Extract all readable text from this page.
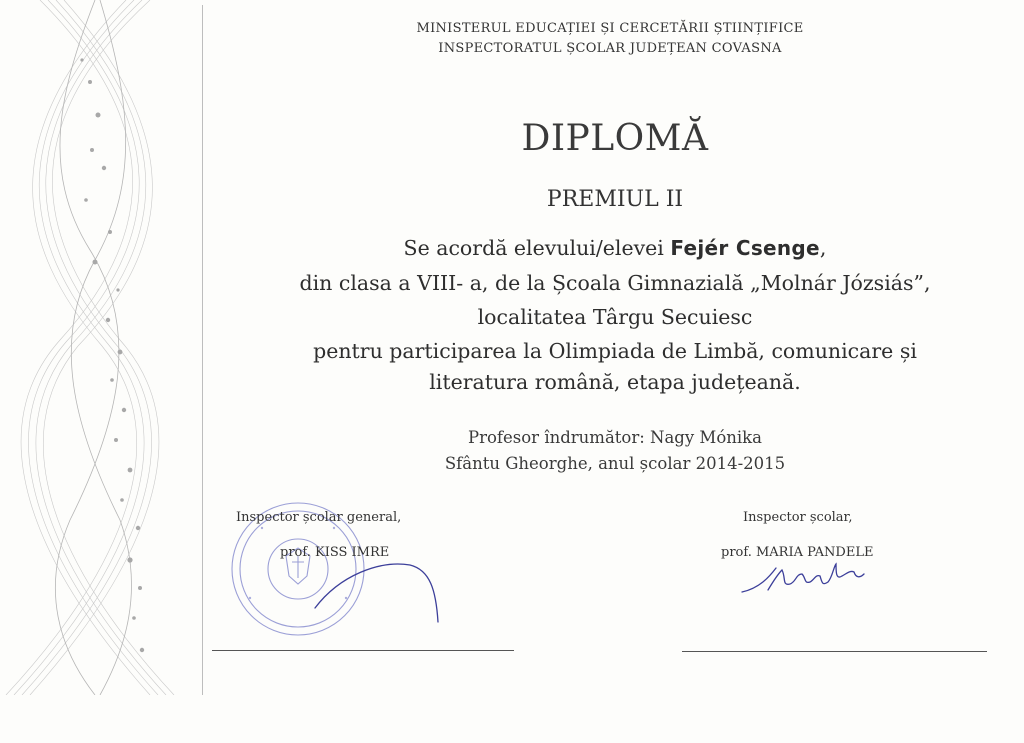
MINISTERUL EDUCAȚIEI ȘI CERCETĂRII ȘTIINȚIFICE
INSPECTORATUL ȘCOLAR JUDEȚEAN COVASNA
DIPLOMĂ
PREMIUL II
Se acordă elevului/elevei Fejér Csenge,
din clasa a VIII- a, de la Școala Gimnazială „Molnár Józsiás”,
localitatea Târgu Secuiesc
pentru participarea la Olimpiada de Limbă, comunicare și
literatura română, etapa județeană.
Profesor îndrumător: Nagy Mónika
Sfântu Gheorghe, anul școlar 2014-2015
Inspector școlar general,
prof. KISS IMRE
Inspector școlar,
prof. MARIA PANDELE
